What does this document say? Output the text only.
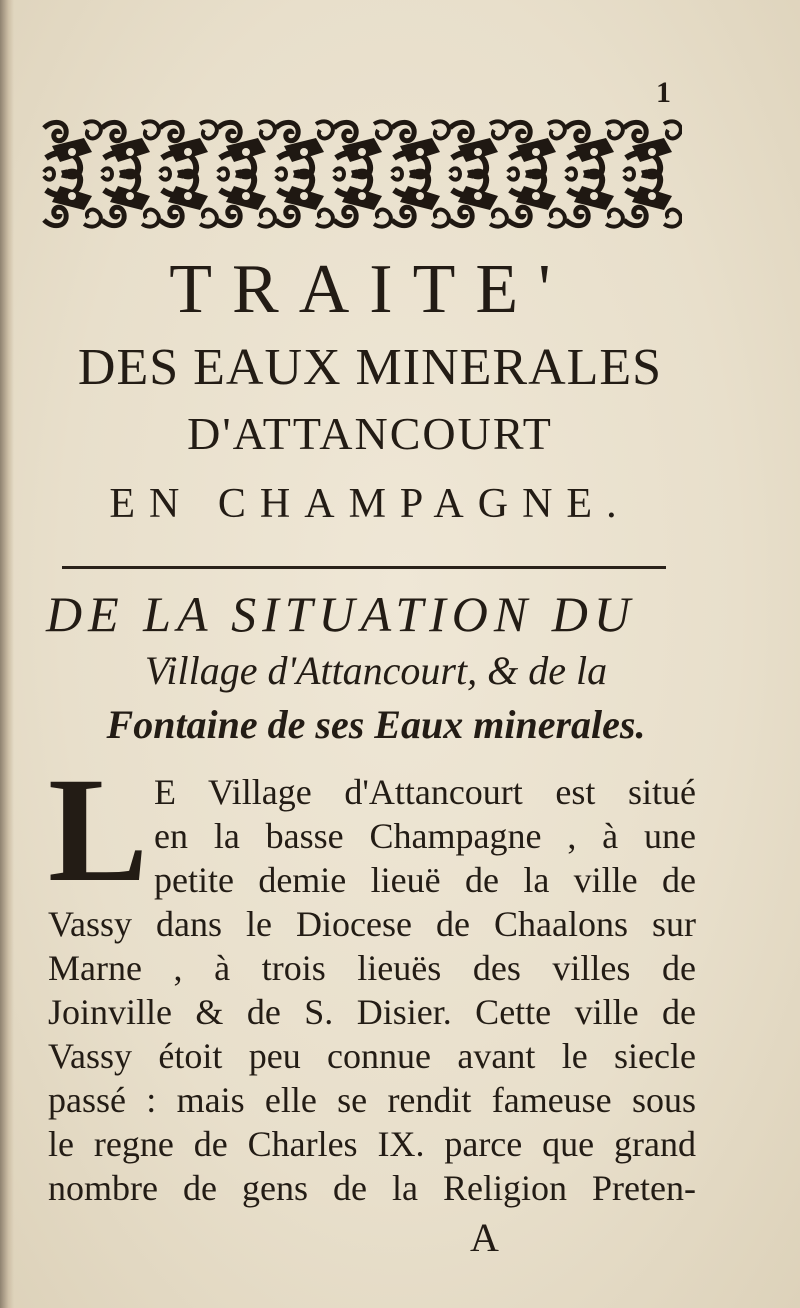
1
TRAITE'
DES EAUX MINERALES
D'ATTANCOURT
EN CHAMPAGNE.
DE LA SITUATION DU
Village d'Attancourt, & de la
Fontaine de ses Eaux minerales.
L E Village d'Attancourt est situé
en la basse Champagne , à une
petite demie lieuë de la ville de
Vassy dans le Diocese de Chaalons sur
Marne , à trois lieuës des villes de
Joinville & de S. Disier. Cette ville de
Vassy étoit peu connue avant le siecle
passé : mais elle se rendit fameuse sous
le regne de Charles IX. parce que grand
nombre de gens de la Religion Preten-
A
